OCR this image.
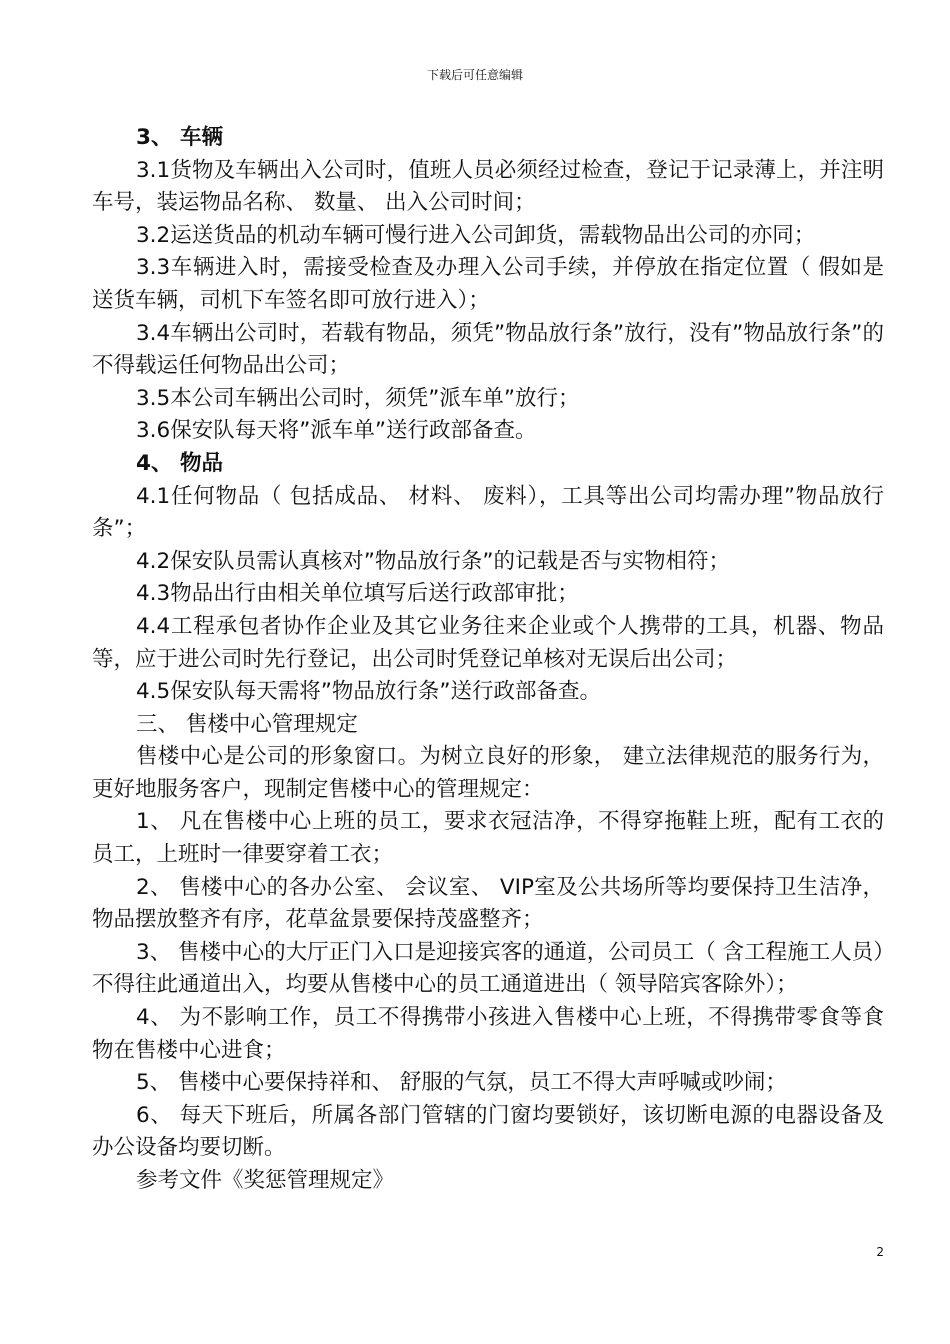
下载后可任意编辑

3、 车辆

3.1货物及车辆出入公司时，值班人员必须经过检查，登记于记录薄上，并注明车号，装运物品名称、 数量、 出入公司时间；

3.2运送货品的机动车辆可慢行进入公司卸货，需载物品出公司的亦同；

3.3车辆进入时，需接受检查及办理入公司手续，并停放在指定位置（ 假如是送货车辆，司机下车签名即可放行进入）；

3.4车辆出公司时，若载有物品，须凭”物品放行条”放行，没有”物品放行条”的不得载运任何物品出公司；

3.5本公司车辆出公司时，须凭”派车单”放行；

3.6保安队每天将”派车单”送行政部备查。

4、 物品

4.1任何物品（ 包括成品、 材料、 废料），工具等出公司均需办理”物品放行条”；

4.2保安队员需认真核对”物品放行条”的记载是否与实物相符；

4.3物品出行由相关单位填写后送行政部审批；

4.4工程承包者协作企业及其它业务往来企业或个人携带的工具，机器、物品等，应于进公司时先行登记，出公司时凭登记单核对无误后出公司；

4.5保安队每天需将”物品放行条”送行政部备查。

三、 售楼中心管理规定

售楼中心是公司的形象窗口。为树立良好的形象， 建立法律规范的服务行为，更好地服务客户，现制定售楼中心的管理规定：

1、 凡在售楼中心上班的员工，要求衣冠洁净，不得穿拖鞋上班，配有工衣的员工，上班时一律要穿着工衣；

2、 售楼中心的各办公室、 会议室、 VIP室及公共场所等均要保持卫生洁净，物品摆放整齐有序，花草盆景要保持茂盛整齐；

3、 售楼中心的大厅正门入口是迎接宾客的通道，公司员工（ 含工程施工人员）不得往此通道出入，均要从售楼中心的员工通道进出（ 领导陪宾客除外）；

4、 为不影响工作，员工不得携带小孩进入售楼中心上班，不得携带零食等食物在售楼中心进食；

5、 售楼中心要保持祥和、 舒服的气氛，员工不得大声呼喊或吵闹；

6、 每天下班后，所属各部门管辖的门窗均要锁好，该切断电源的电器设备及办公设备均要切断。

参考文件《奖惩管理规定》

2
